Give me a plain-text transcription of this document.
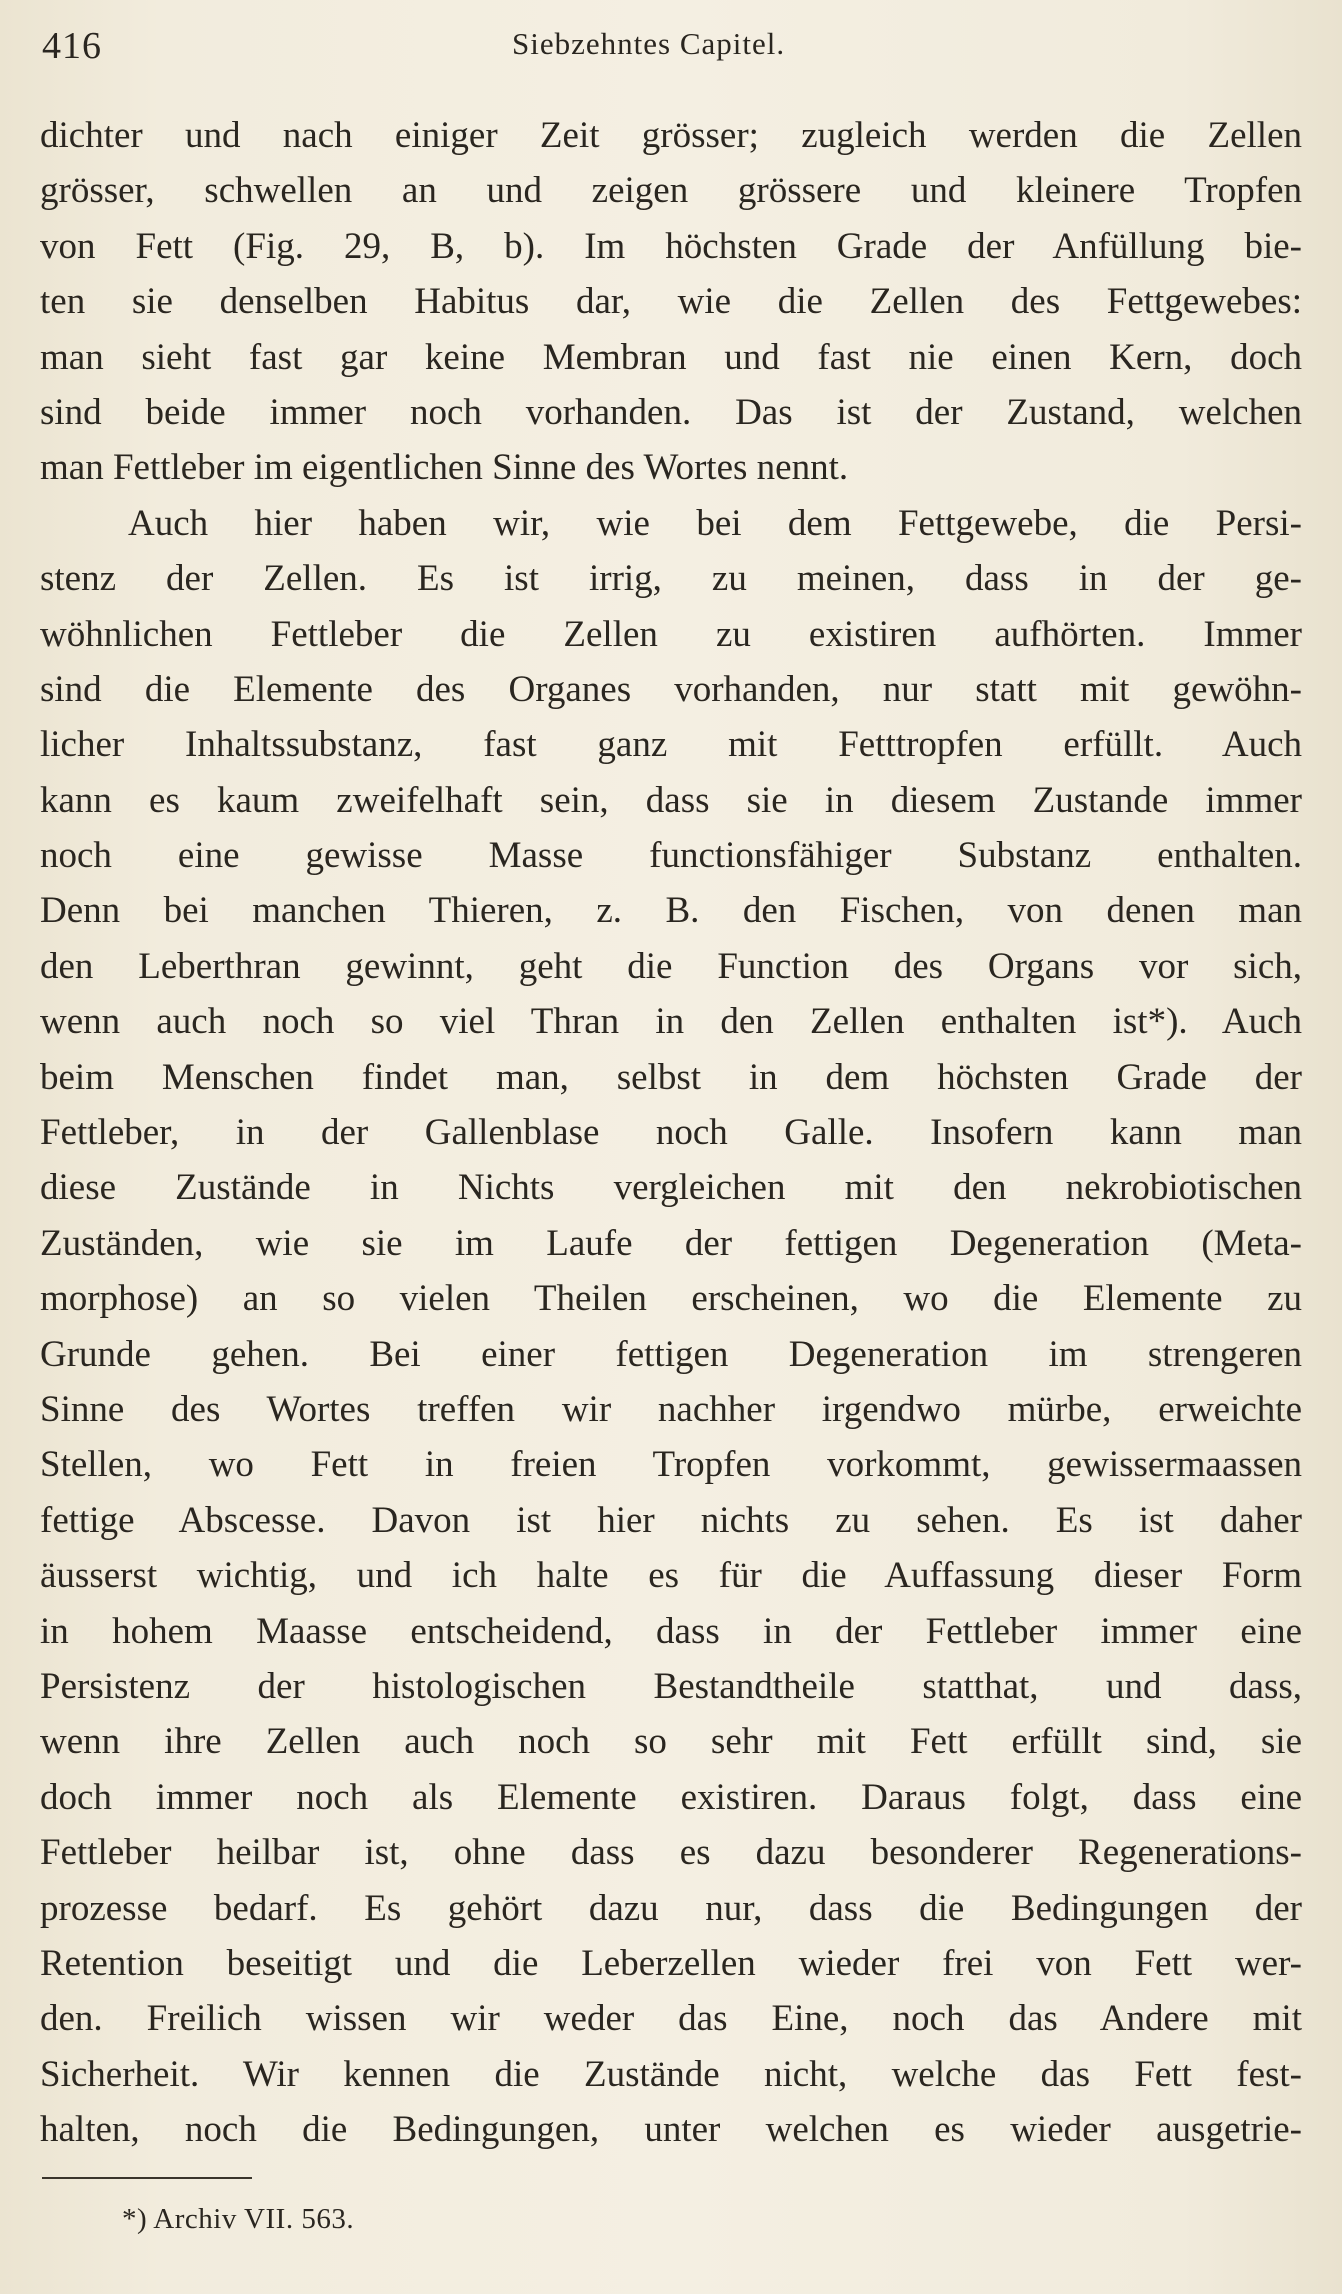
416	Siebzehntes Capitel.
dichter und nach einiger Zeit grösser; zugleich werden die Zellen
grösser, schwellen an und zeigen grössere und kleinere Tropfen
von Fett (Fig. 29, B, b). Im höchsten Grade der Anfüllung bie-
ten sie denselben Habitus dar, wie die Zellen des Fettgewebes:
man sieht fast gar keine Membran und fast nie einen Kern, doch
sind beide immer noch vorhanden. Das ist der Zustand, welchen
man Fettleber im eigentlichen Sinne des Wortes nennt.
Auch hier haben wir, wie bei dem Fettgewebe, die Persi-
stenz der Zellen. Es ist irrig, zu meinen, dass in der ge-
wöhnlichen Fettleber die Zellen zu existiren aufhörten. Immer
sind die Elemente des Organes vorhanden, nur statt mit gewöhn-
licher Inhaltssubstanz, fast ganz mit Fetttropfen erfüllt. Auch
kann es kaum zweifelhaft sein, dass sie in diesem Zustande immer
noch eine gewisse Masse functionsfähiger Substanz enthalten.
Denn bei manchen Thieren, z. B. den Fischen, von denen man
den Leberthran gewinnt, geht die Function des Organs vor sich,
wenn auch noch so viel Thran in den Zellen enthalten ist*). Auch
beim Menschen findet man, selbst in dem höchsten Grade der
Fettleber, in der Gallenblase noch Galle. Insofern kann man
diese Zustände in Nichts vergleichen mit den nekrobiotischen
Zuständen, wie sie im Laufe der fettigen Degeneration (Meta-
morphose) an so vielen Theilen erscheinen, wo die Elemente zu
Grunde gehen. Bei einer fettigen Degeneration im strengeren
Sinne des Wortes treffen wir nachher irgendwo mürbe, erweichte
Stellen, wo Fett in freien Tropfen vorkommt, gewissermaassen
fettige Abscesse. Davon ist hier nichts zu sehen. Es ist daher
äusserst wichtig, und ich halte es für die Auffassung dieser Form
in hohem Maasse entscheidend, dass in der Fettleber immer eine
Persistenz der histologischen Bestandtheile statthat, und dass,
wenn ihre Zellen auch noch so sehr mit Fett erfüllt sind, sie
doch immer noch als Elemente existiren. Daraus folgt, dass eine
Fettleber heilbar ist, ohne dass es dazu besonderer Regenerations-
prozesse bedarf. Es gehört dazu nur, dass die Bedingungen der
Retention beseitigt und die Leberzellen wieder frei von Fett wer-
den. Freilich wissen wir weder das Eine, noch das Andere mit
Sicherheit. Wir kennen die Zustände nicht, welche das Fett fest-
halten, noch die Bedingungen, unter welchen es wieder ausgetrie-
*) Archiv VII. 563.
